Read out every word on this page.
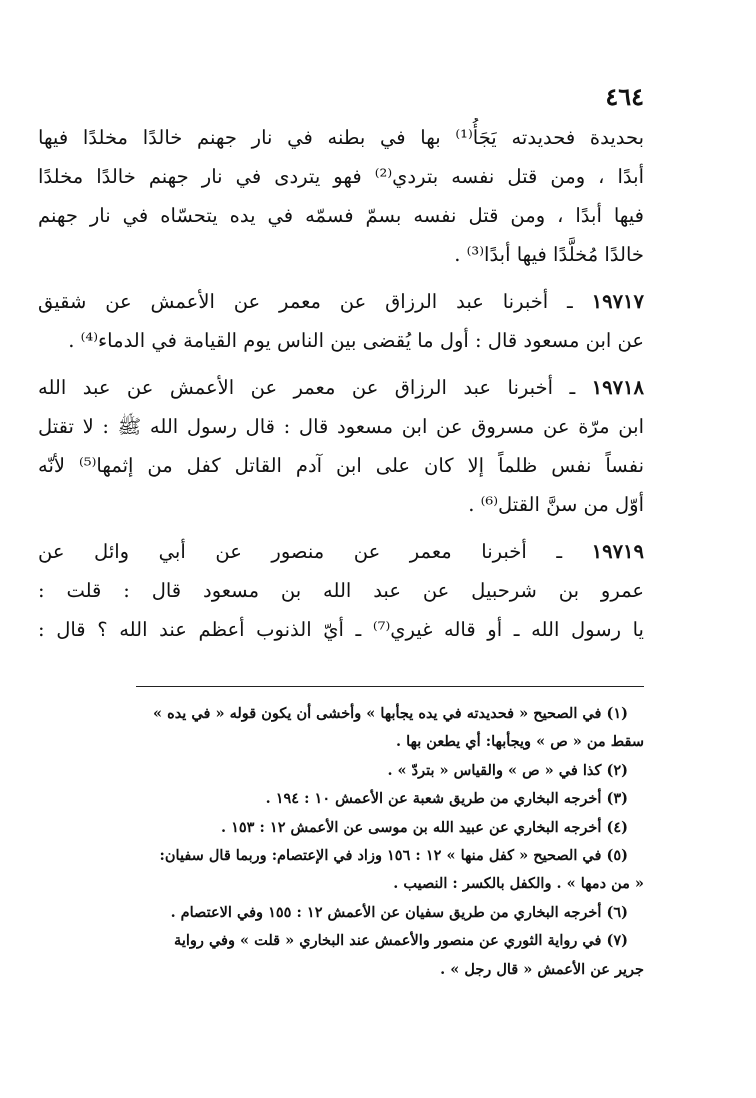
٤٦٤
بحديدة فحديدته يَجَأُ⁽¹⁾ بها في بطنه في نار جهنم خالدًا مخلدًا فيها
أبدًا ، ومن قتل نفسه بتردي⁽²⁾ فهو يتردى في نار جهنم خالدًا مخلدًا
فيها أبدًا ، ومن قتل نفسه بسمّ فسمّه في يده يتحسّاه في نار جهنم
خالدًا مُخلَّدًا فيها أبدًا⁽³⁾ .
١٩٧١٧ ـ أخبرنا عبد الرزاق عن معمر عن الأعمش عن شقيق
عن ابن مسعود قال : أول ما يُقضى بين الناس يوم القيامة في الدماء⁽⁴⁾ .
١٩٧١٨ ـ أخبرنا عبد الرزاق عن معمر عن الأعمش عن عبد الله
ابن مرّة عن مسروق عن ابن مسعود قال : قال رسول الله ﷺ : لا تقتل
نفساً نفس ظلماً إلا كان على ابن آدم القاتل كفل من إثمها⁽⁵⁾ لأنّه
أوّل من سنَّ القتل⁽⁶⁾ .
١٩٧١٩ ـ أخبرنا معمر عن منصور عن أبي وائل عن
عمرو بن شرحبيل عن عبد الله بن مسعود قال : قلت :
يا رسول الله ـ أو قاله غيري⁽⁷⁾ ـ أيّ الذنوب أعظم عند الله ؟ قال :
(١) في الصحيح « فحديدته في يده يجأبها » وأخشى أن يكون قوله « في يده »
سقط من « ص » ويجأبها: أي يطعن بها .
(٢) كذا في « ص » والقياس « بتردّ » .
(٣) أخرجه البخاري من طريق شعبة عن الأعمش ١٠ : ١٩٤ .
(٤) أخرجه البخاري عن عبيد الله بن موسى عن الأعمش ١٢ : ١٥٣ .
(٥) في الصحيح « كفل منها » ١٢ : ١٥٦ وزاد في الإعتصام: وربما قال سفيان:
« من دمها » . والكفل بالكسر : النصيب .
(٦) أخرجه البخاري من طريق سفيان عن الأعمش ١٢ : ١٥٥ وفي الاعتصام .
(٧) في رواية الثوري عن منصور والأعمش عند البخاري « قلت » وفي رواية
جرير عن الأعمش « قال رجل » .
